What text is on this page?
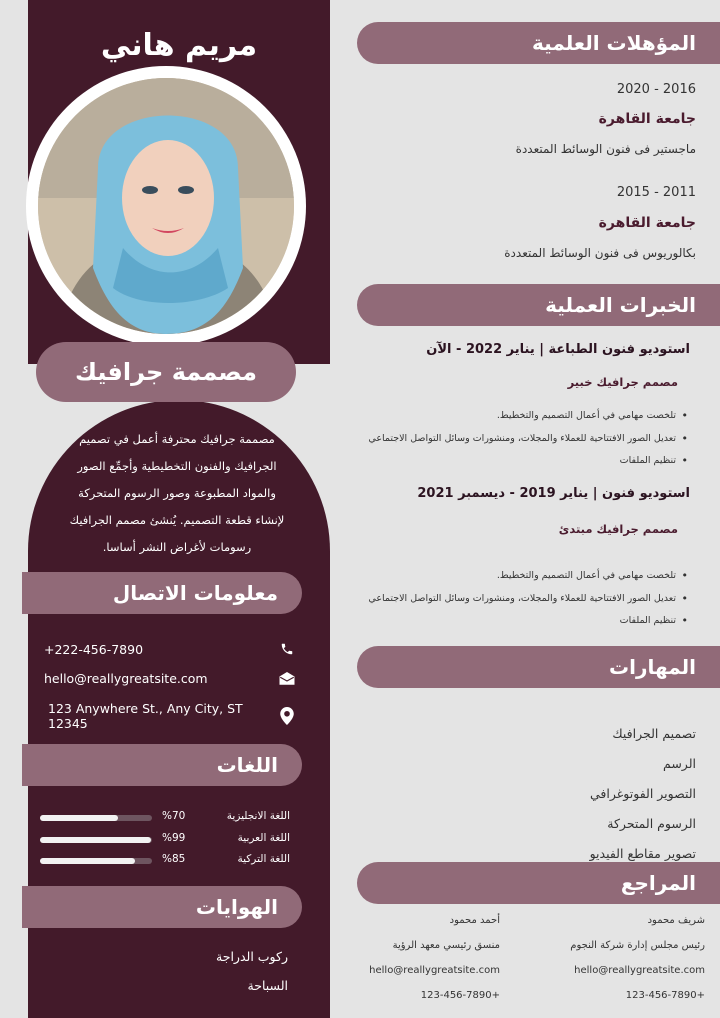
مريم هاني
مصممة جرافيك
مصممة جرافيك محترفة أعمل في تصميم
الجرافيك والفنون التخطيطية وأجمِّع الصور
والمواد المطبوعة وصور الرسوم المتحركة
لإنشاء قطعة التصميم. يُنشئ مصمم الجرافيك
رسومات لأغراض النشر أساسا.
معلومات الاتصال
+222-456-7890
hello@reallygreatsite.com
123 Anywhere St., Any City, ST 12345
اللغات
%70	اللغة الانجليزية
%99	اللغة العربية
%85	اللغة التركية
الهوايات
ركوب الدراجة
السباحة
المؤهلات العلمية
2016 - 2020
جامعة القاهرة
ماجستير فى فنون الوسائط المتعددة
2011 - 2015
جامعة القاهرة
بكالوريوس فى فنون الوسائط المتعددة
الخبرات العملية
استوديو فنون الطباعة | يناير 2022 - الآن
مصمم جرافيك خبير
تلخصت مهامي في أعمال التصميم والتخطيط. •
تعديل الصور الافتتاحية للعملاء والمجلات، ومنشورات وسائل التواصل الاجتماعي •
تنظيم الملفات •
استوديو فنون | يناير 2019 - ديسمبر 2021
مصمم جرافيك مبتدئ
تلخصت مهامي في أعمال التصميم والتخطيط. •
تعديل الصور الافتتاحية للعملاء والمجلات، ومنشورات وسائل التواصل الاجتماعي •
تنظيم الملفات •
المهارات
تصميم الجرافيك
الرسم
التصوير الفوتوغرافي
الرسوم المتحركة
تصوير مقاطع الفيديو
المراجع
شريف محمود
رئيس مجلس إدارة شركة النجوم
hello@reallygreatsite.com
+123-456-7890
أحمد محمود
منسق رئيسي معهد الرؤية
hello@reallygreatsite.com
+123-456-7890
